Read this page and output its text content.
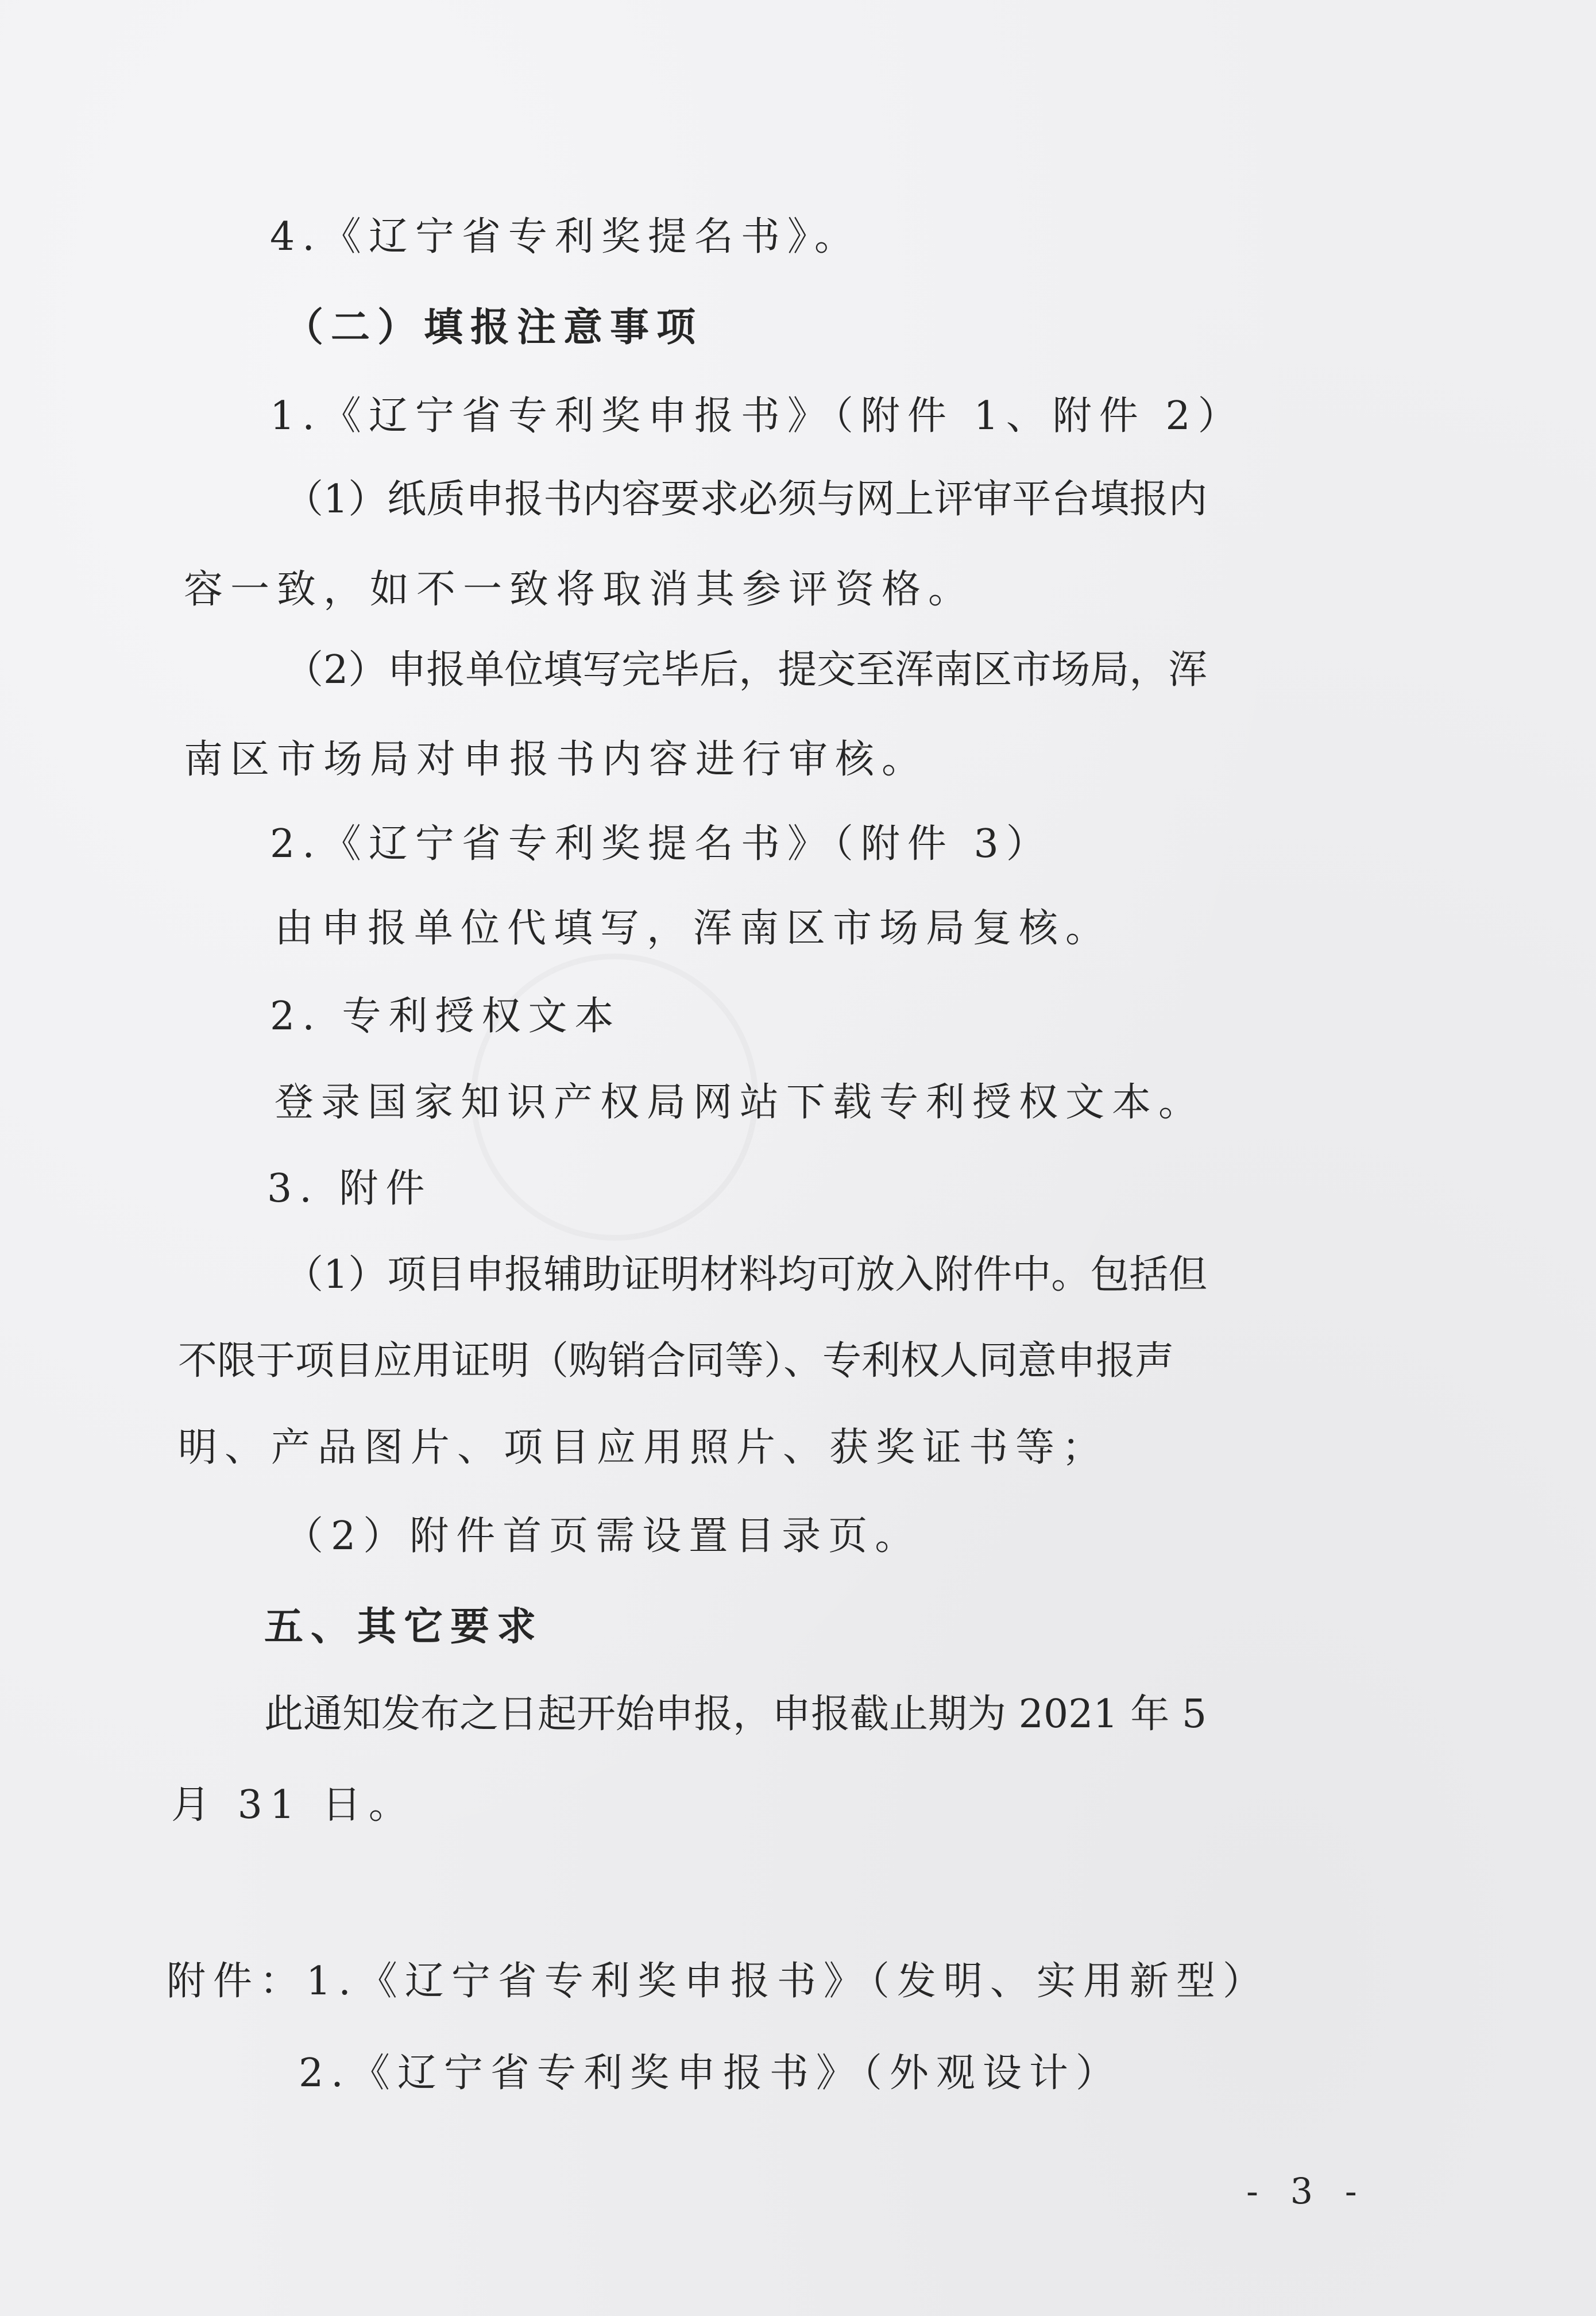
4.《辽宁省专利奖提名书》。

（二）填报注意事项

1.《辽宁省专利奖申报书》（附件 1、附件 2）

（1）纸质申报书内容要求必须与网上评审平台填报内

容一致，如不一致将取消其参评资格。

（2）申报单位填写完毕后，提交至浑南区市场局，浑

南区市场局对申报书内容进行审核。

2.《辽宁省专利奖提名书》（附件 3）

由申报单位代填写，浑南区市场局复核。

2. 专利授权文本

登录国家知识产权局网站下载专利授权文本。

3. 附件

（1）项目申报辅助证明材料均可放入附件中。包括但

不限于项目应用证明（购销合同等）、专利权人同意申报声

明、产品图片、项目应用照片、获奖证书等；

（2）附件首页需设置目录页。

五、其它要求

此通知发布之日起开始申报，申报截止期为 2021 年 5

月 31 日。

附件：1.《辽宁省专利奖申报书》（发明、实用新型）

2.《辽宁省专利奖申报书》（外观设计）

- 3 -
